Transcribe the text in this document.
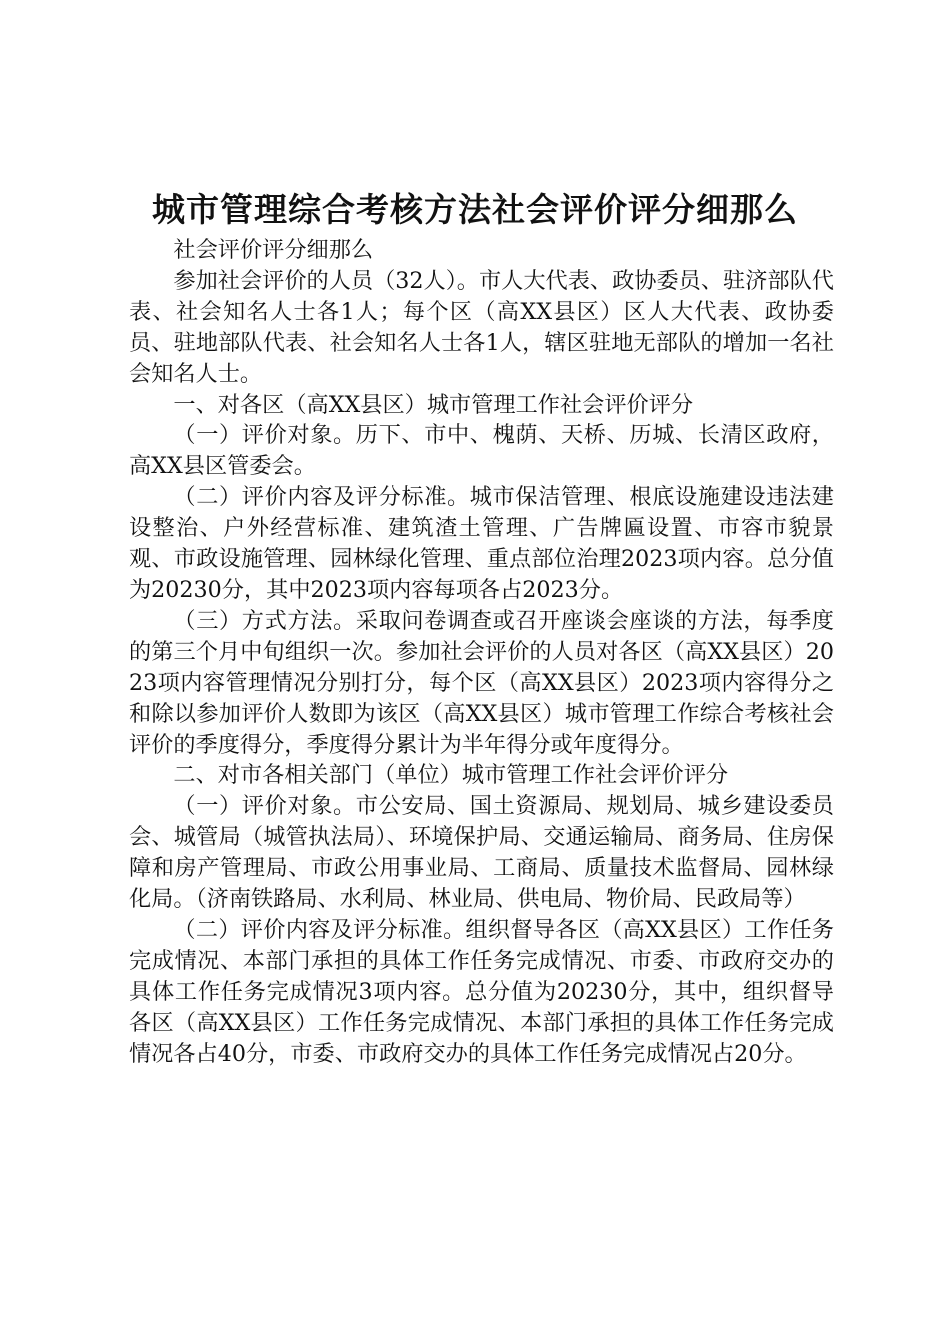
城市管理综合考核方法社会评价评分细那么

社会评价评分细那么

参加社会评价的人员（32人）。市人大代表、政协委员、驻济部队代表、社会知名人士各1人；每个区（高XX县区）区人大代表、政协委员、驻地部队代表、社会知名人士各1人，辖区驻地无部队的增加一名社会知名人士。

一、对各区（高XX县区）城市管理工作社会评价评分

（一）评价对象。历下、市中、槐荫、天桥、历城、长清区政府，高XX县区管委会。

（二）评价内容及评分标准。城市保洁管理、根底设施建设违法建设整治、户外经营标准、建筑渣土管理、广告牌匾设置、市容市貌景观、市政设施管理、园林绿化管理、重点部位治理2023项内容。总分值为20230分，其中2023项内容每项各占2023分。

（三）方式方法。采取问卷调查或召开座谈会座谈的方法，每季度的第三个月中旬组织一次。参加社会评价的人员对各区（高XX县区）2023项内容管理情况分别打分，每个区（高XX县区）2023项内容得分之和除以参加评价人数即为该区（高XX县区）城市管理工作综合考核社会评价的季度得分，季度得分累计为半年得分或年度得分。

二、对市各相关部门（单位）城市管理工作社会评价评分

（一）评价对象。市公安局、国土资源局、规划局、城乡建设委员会、城管局（城管执法局）、环境保护局、交通运输局、商务局、住房保障和房产管理局、市政公用事业局、工商局、质量技术监督局、园林绿化局。（济南铁路局、水利局、林业局、供电局、物价局、民政局等）

（二）评价内容及评分标准。组织督导各区（高XX县区）工作任务完成情况、本部门承担的具体工作任务完成情况、市委、市政府交办的具体工作任务完成情况3项内容。总分值为20230分，其中，组织督导各区（高XX县区）工作任务完成情况、本部门承担的具体工作任务完成情况各占40分，市委、市政府交办的具体工作任务完成情况占20分。
